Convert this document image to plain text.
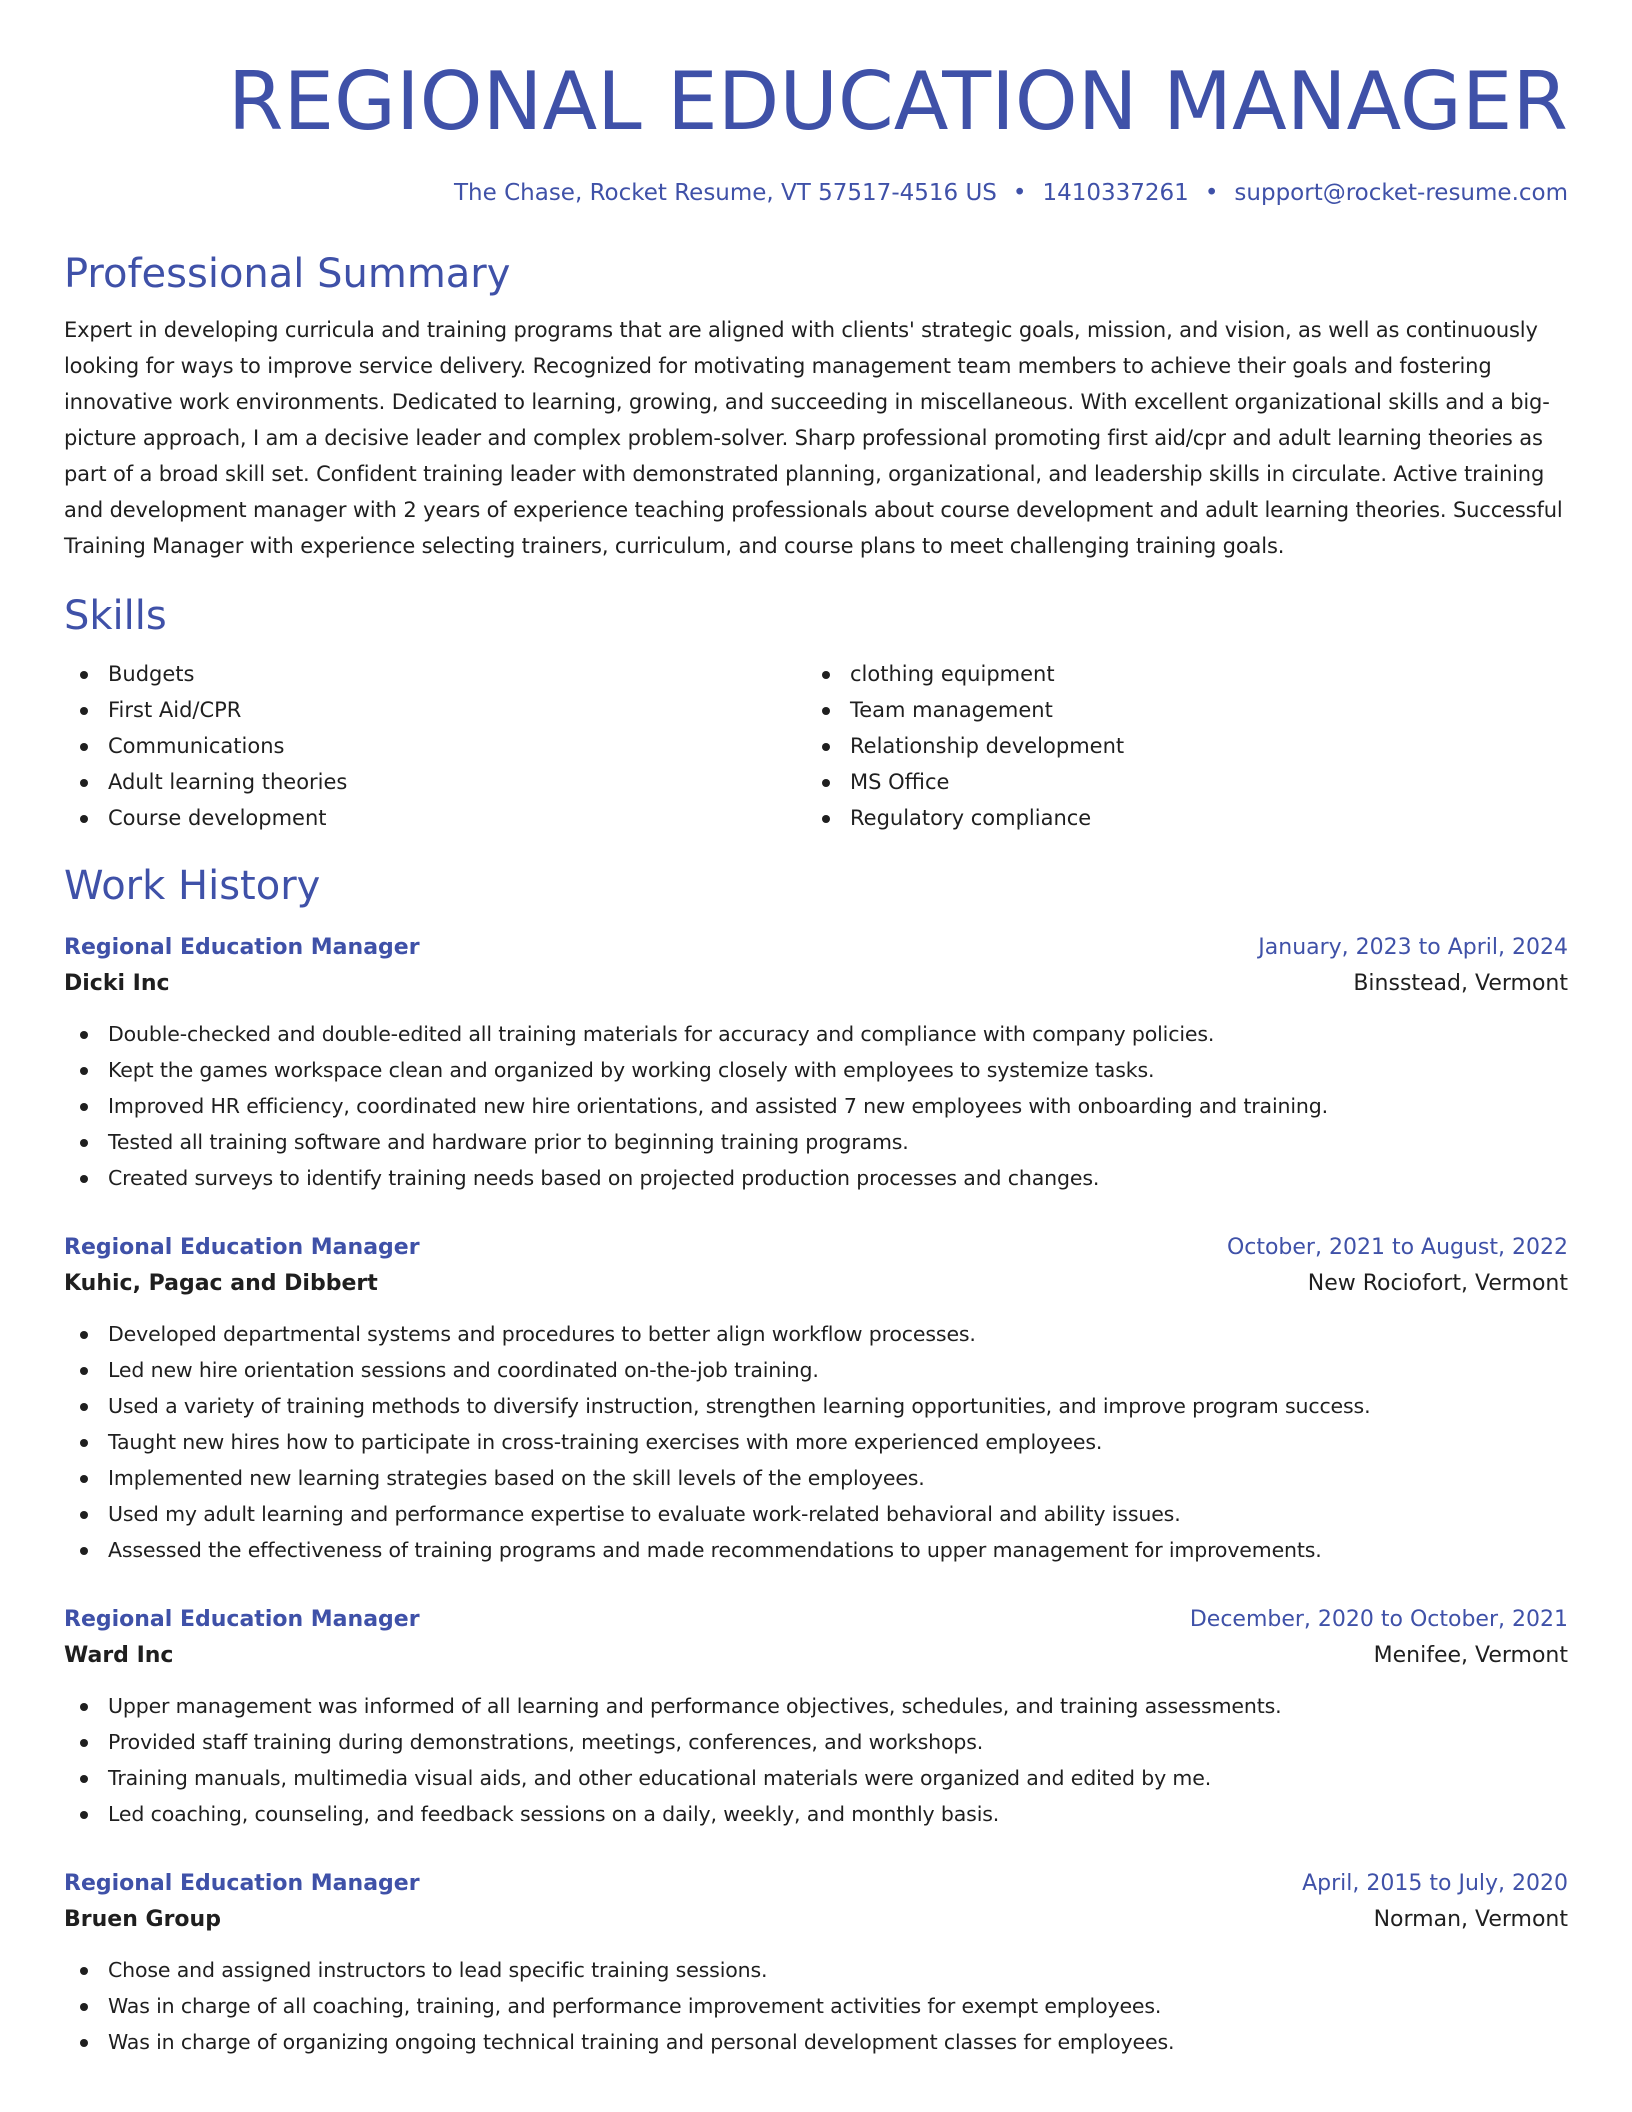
REGIONAL EDUCATION MANAGER
The Chase, Rocket Resume, VT 57517-4516 US • 1410337261 • support@rocket-resume.com
Professional Summary

Expert in developing curricula and training programs that are aligned with clients' strategic goals, mission, and vision, as well as continuously looking for ways to improve service delivery. Recognized for motivating management team members to achieve their goals and fostering innovative work environments. Dedicated to learning, growing, and succeeding in miscellaneous. With excellent organizational skills and a big-picture approach, I am a decisive leader and complex problem-solver. Sharp professional promoting first aid/cpr and adult learning theories as part of a broad skill set. Confident training leader with demonstrated planning, organizational, and leadership skills in circulate. Active training and development manager with 2 years of experience teaching professionals about course development and adult learning theories. Successful Training Manager with experience selecting trainers, curriculum, and course plans to meet challenging training goals.

Skills
Budgets
First Aid/CPR
Communications
Adult learning theories
Course development
clothing equipment
Team management
Relationship development
MS Office
Regulatory compliance
Work History
Regional Education Manager	January, 2023 to April, 2024
Dicki Inc	Binsstead, Vermont
Double-checked and double-edited all training materials for accuracy and compliance with company policies.
Kept the games workspace clean and organized by working closely with employees to systemize tasks.
Improved HR efficiency, coordinated new hire orientations, and assisted 7 new employees with onboarding and training.
Tested all training software and hardware prior to beginning training programs.
Created surveys to identify training needs based on projected production processes and changes.
Regional Education Manager	October, 2021 to August, 2022
Kuhic, Pagac and Dibbert	New Rociofort, Vermont
Developed departmental systems and procedures to better align workflow processes.
Led new hire orientation sessions and coordinated on-the-job training.
Used a variety of training methods to diversify instruction, strengthen learning opportunities, and improve program success.
Taught new hires how to participate in cross-training exercises with more experienced employees.
Implemented new learning strategies based on the skill levels of the employees.
Used my adult learning and performance expertise to evaluate work-related behavioral and ability issues.
Assessed the effectiveness of training programs and made recommendations to upper management for improvements.
Regional Education Manager	December, 2020 to October, 2021
Ward Inc	Menifee, Vermont
Upper management was informed of all learning and performance objectives, schedules, and training assessments.
Provided staff training during demonstrations, meetings, conferences, and workshops.
Training manuals, multimedia visual aids, and other educational materials were organized and edited by me.
Led coaching, counseling, and feedback sessions on a daily, weekly, and monthly basis.
Regional Education Manager	April, 2015 to July, 2020
Bruen Group	Norman, Vermont
Chose and assigned instructors to lead specific training sessions.
Was in charge of all coaching, training, and performance improvement activities for exempt employees.
Was in charge of organizing ongoing technical training and personal development classes for employees.
